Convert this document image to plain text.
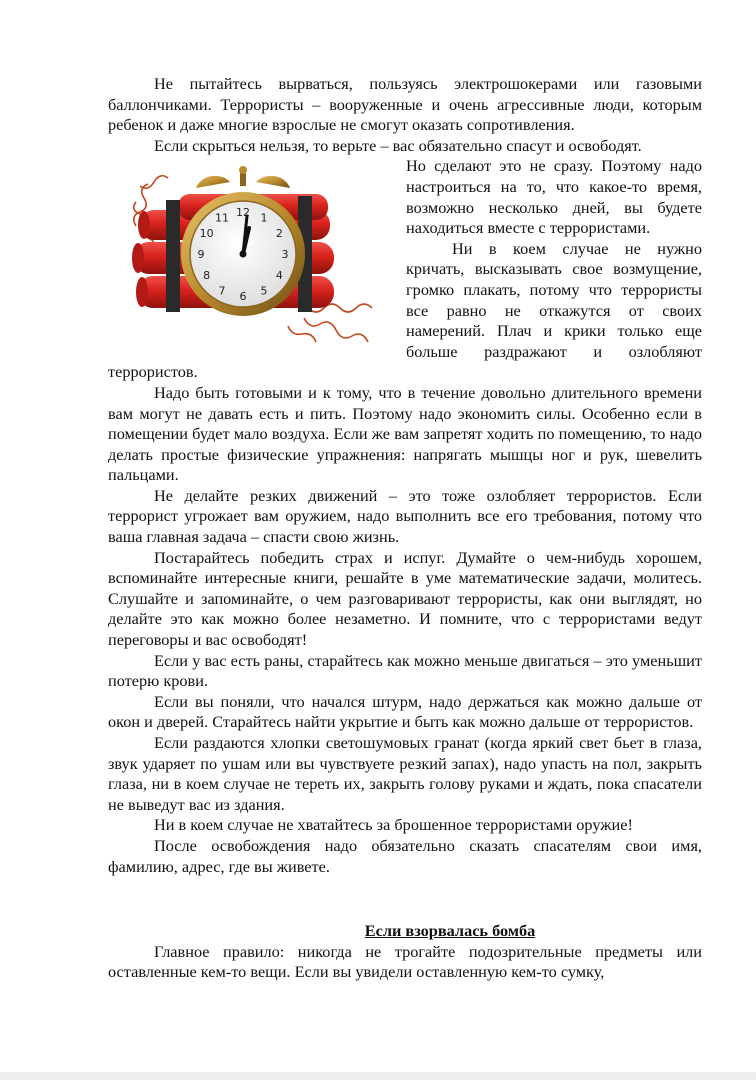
Не пытайтесь вырваться, пользуясь электрошокерами или газовыми баллончиками. Террористы – вооруженные и очень агрессивные люди, которым ребенок и даже многие взрослые не смогут оказать сопротивления.

Если скрыться нельзя, то верьте – вас обязательно спасут и освободят.

12 1
2
3
4
5
6
7
8
9
10
11

Но сделают это не сразу. Поэтому надо настроиться на то, что какое-то время, возможно несколько дней, вы будете находиться вместе с террористами.

Ни в коем случае не нужно кричать, высказывать свое возмущение, громко плакать, потому что террористы все равно не откажутся от своих намерений. Плач и крики только еще больше раздражают и озлобляют террористов.

Надо быть готовыми и к тому, что в течение довольно длительного времени вам могут не давать есть и пить. Поэтому надо экономить силы. Особенно если в помещении будет мало воздуха. Если же вам запретят ходить по помещению, то надо делать простые физические упражнения: напрягать мышцы ног и рук, шевелить пальцами.

Не делайте резких движений – это тоже озлобляет террористов. Если террорист угрожает вам оружием, надо выполнить все его требования, потому что ваша главная задача – спасти свою жизнь.

Постарайтесь победить страх и испуг. Думайте о чем-нибудь хорошем, вспоминайте интересные книги, решайте в уме математические задачи, молитесь. Слушайте и запоминайте, о чем разговаривают террористы, как они выглядят, но делайте это как можно более незаметно. И помните, что с террористами ведут переговоры и вас освободят!

Если у вас есть раны, старайтесь как можно меньше двигаться – это уменьшит потерю крови.

Если вы поняли, что начался штурм, надо держаться как можно дальше от окон и дверей. Старайтесь найти укрытие и быть как можно дальше от террористов.

Если раздаются хлопки светошумовых гранат (когда яркий свет бьет в глаза, звук ударяет по ушам или вы чувствуете резкий запах), надо упасть на пол, закрыть глаза, ни в коем случае не тереть их, закрыть голову руками и ждать, пока спасатели не выведут вас из здания.

Ни в коем случае не хватайтесь за брошенное террористами оружие!

После освобождения надо обязательно сказать спасателям свои имя, фамилию, адрес, где вы живете.

Если взорвалась бомба

Главное правило: никогда не трогайте подозрительные предметы или оставленные кем-то вещи. Если вы увидели оставленную кем-то сумку,
